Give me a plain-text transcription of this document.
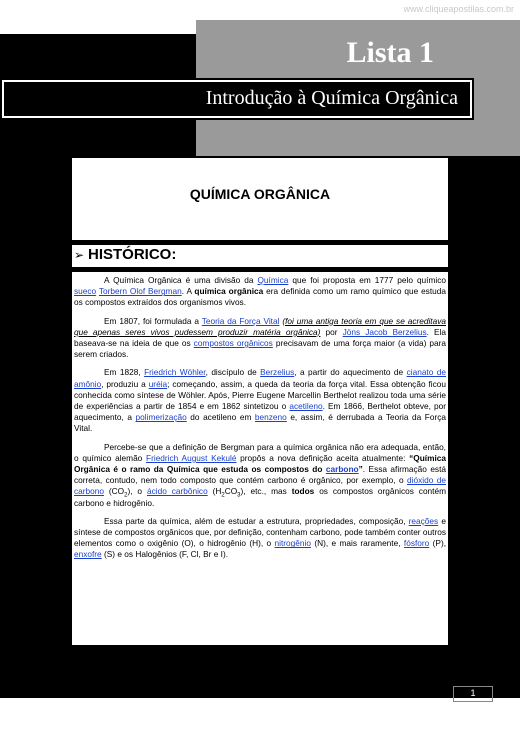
www.cliqueapostilas.com.br
Lista 1
Introdução à Química Orgânica
QUÍMICA ORGÂNICA
➢ HISTÓRICO:

A Química Orgânica é uma divisão da Química que foi proposta em 1777 pelo químico sueco Torbern Olof Bergman. A química orgânica era definida como um ramo químico que estuda os compostos extraídos dos organismos vivos.

Em 1807, foi formulada a Teoria da Força Vital (foi uma antiga teoria em que se acreditava que apenas seres vivos pudessem produzir matéria orgânica) por Jöns Jacob Berzelius. Ela baseava-se na ideia de que os compostos orgânicos precisavam de uma força maior (a vida) para serem criados.

Em 1828, Friedrich Wöhler, discípulo de Berzelius, a partir do aquecimento de cianato de amônio, produziu a uréia; começando, assim, a queda da teoria da força vital. Essa obtenção ficou conhecida como síntese de Wöhler. Após, Pierre Eugene Marcellin Berthelot realizou toda uma série de experiências a partir de 1854 e em 1862 sintetizou o acetileno. Em 1866, Berthelot obteve, por aquecimento, a polimerização do acetileno em benzeno e, assim, é derrubada a Teoria da Força Vital.

Percebe-se que a definição de Bergman para a química orgânica não era adequada, então, o químico alemão Friedrich August Kekulé propôs a nova definição aceita atualmente: “Química Orgânica é o ramo da Química que estuda os compostos do carbono”. Essa afirmação está correta, contudo, nem todo composto que contém carbono é orgânico, por exemplo, o dióxido de carbono $(CO_2)$, o ácido carbônico $(H_2CO_3)$, etc., mas todos os compostos orgânicos contém carbono e hidrogênio.

Essa parte da química, além de estudar a estrutura, propriedades, composição, reações e síntese de compostos orgânicos que, por definição, contenham carbono, pode também conter outros elementos como o oxigênio (O), o hidrogênio (H), o nitrogênio (N), e mais raramente, fósforo (P), enxofre (S) e os Halogênios (F, Cl, Br e I).

1
